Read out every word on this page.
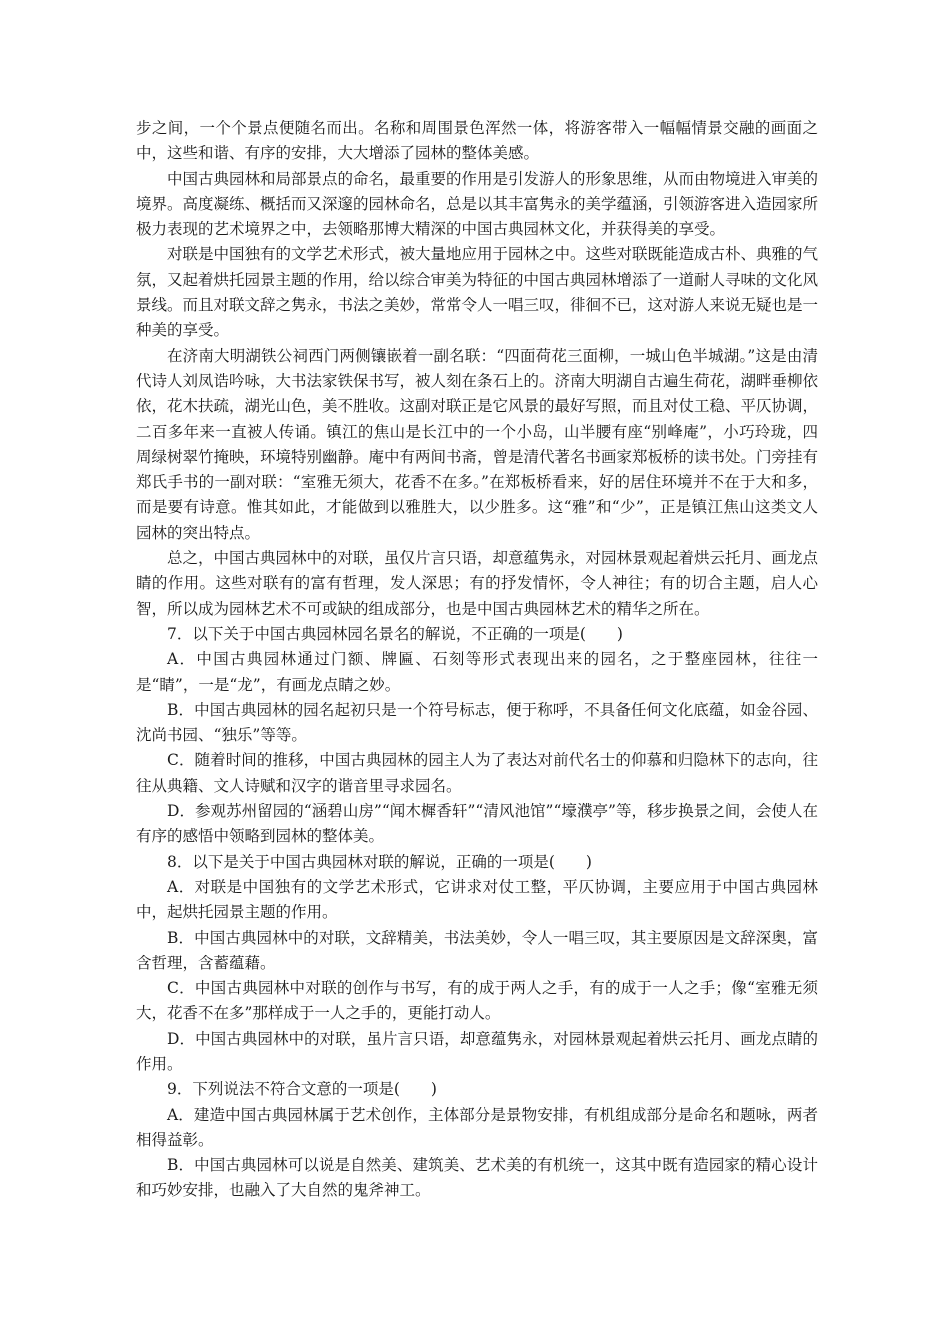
步之间，一个个景点便随名而出。名称和周围景色浑然一体，将游客带入一幅幅情景交融的画面之中，这些和谐、有序的安排，大大增添了园林的整体美感。

中国古典园林和局部景点的命名，最重要的作用是引发游人的形象思维，从而由物境进入审美的境界。高度凝练、概括而又深邃的园林命名，总是以其丰富隽永的美学蕴涵，引领游客进入造园家所极力表现的艺术境界之中，去领略那博大精深的中国古典园林文化，并获得美的享受。

对联是中国独有的文学艺术形式，被大量地应用于园林之中。这些对联既能造成古朴、典雅的气氛，又起着烘托园景主题的作用，给以综合审美为特征的中国古典园林增添了一道耐人寻味的文化风景线。而且对联文辞之隽永，书法之美妙，常常令人一唱三叹，徘徊不已，这对游人来说无疑也是一种美的享受。

在济南大明湖铁公祠西门两侧镶嵌着一副名联：“四面荷花三面柳，一城山色半城湖。”这是由清代诗人刘凤诰吟咏，大书法家铁保书写，被人刻在条石上的。济南大明湖自古遍生荷花，湖畔垂柳依依，花木扶疏，湖光山色，美不胜收。这副对联正是它风景的最好写照，而且对仗工稳、平仄协调，二百多年来一直被人传诵。镇江的焦山是长江中的一个小岛，山半腰有座“别峰庵”，小巧玲珑，四周绿树翠竹掩映，环境特别幽静。庵中有两间书斋，曾是清代著名书画家郑板桥的读书处。门旁挂有郑氏手书的一副对联：“室雅无须大，花香不在多。”在郑板桥看来，好的居住环境并不在于大和多，而是要有诗意。惟其如此，才能做到以雅胜大，以少胜多。这“雅”和“少”，正是镇江焦山这类文人园林的突出特点。

总之，中国古典园林中的对联，虽仅片言只语，却意蕴隽永，对园林景观起着烘云托月、画龙点睛的作用。这些对联有的富有哲理，发人深思；有的抒发情怀，令人神往；有的切合主题，启人心智，所以成为园林艺术不可或缺的组成部分，也是中国古典园林艺术的精华之所在。

7．以下关于中国古典园林园名景名的解说，不正确的一项是(　　)

A．中国古典园林通过门额、牌匾、石刻等形式表现出来的园名，之于整座园林，往往一是“睛”，一是“龙”，有画龙点睛之妙。

B．中国古典园林的园名起初只是一个符号标志，便于称呼，不具备任何文化底蕴，如金谷园、沈尚书园、“独乐”等等。

C．随着时间的推移，中国古典园林的园主人为了表达对前代名士的仰慕和归隐林下的志向，往往从典籍、文人诗赋和汉字的谐音里寻求园名。

D．参观苏州留园的“涵碧山房”“闻木樨香轩”“清风池馆”“壕濮亭”等，移步换景之间，会使人在有序的感悟中领略到园林的整体美。

8．以下是关于中国古典园林对联的解说，正确的一项是(　　)

A．对联是中国独有的文学艺术形式，它讲求对仗工整，平仄协调，主要应用于中国古典园林中，起烘托园景主题的作用。

B．中国古典园林中的对联，文辞精美，书法美妙，令人一唱三叹，其主要原因是文辞深奥，富含哲理，含蓄蕴藉。

C．中国古典园林中对联的创作与书写，有的成于两人之手，有的成于一人之手；像“室雅无须大，花香不在多”那样成于一人之手的，更能打动人。

D．中国古典园林中的对联，虽片言只语，却意蕴隽永，对园林景观起着烘云托月、画龙点睛的作用。

9．下列说法不符合文意的一项是(　　)

A．建造中国古典园林属于艺术创作，主体部分是景物安排，有机组成部分是命名和题咏，两者相得益彰。

B．中国古典园林可以说是自然美、建筑美、艺术美的有机统一，这其中既有造园家的精心设计和巧妙安排，也融入了大自然的鬼斧神工。
